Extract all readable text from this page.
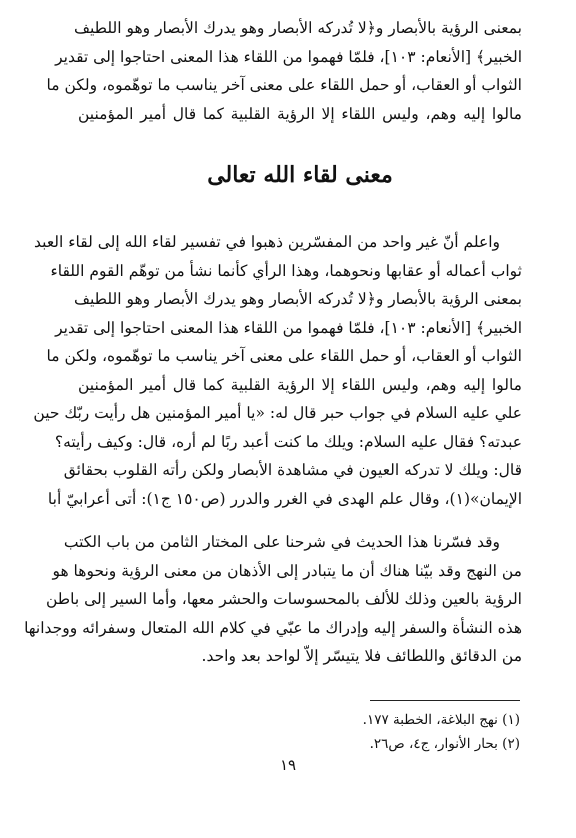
بمعنى الرؤية بالأبصار و﴿لا تُدركه الأبصار وهو يدرك الأبصار وهو اللطيف
الخبير﴾ [الأنعام: ١٠٣]، فلمّا فهموا من اللقاء هذا المعنى احتاجوا إلى تقدير
الثواب أو العقاب، أو حمل اللقاء على معنى آخر يناسب ما توهّموه، ولكن ما
مالوا إليه وهم، وليس اللقاء إلا الرؤية القلبية كما قال أمير المؤمنين
معنى لقاء الله تعالى
واعلم أنّ غير واحد من المفسّرين ذهبوا في تفسير لقاء الله إلى لقاء العبد
ثواب أعماله أو عقابها ونحوهما، وهذا الرأي كأنما نشأ من توهّم القوم اللقاء
بمعنى الرؤية بالأبصار و﴿لا تُدركه الأبصار وهو يدرك الأبصار وهو اللطيف
الخبير﴾ [الأنعام: ١٠٣]، فلمّا فهموا من اللقاء هذا المعنى احتاجوا إلى تقدير
الثواب أو العقاب، أو حمل اللقاء على معنى آخر يناسب ما توهّموه، ولكن ما
مالوا إليه وهم، وليس اللقاء إلا الرؤية القلبية كما قال أمير المؤمنين
علي عليه السلام في جواب حبر قال له: «يا أمير المؤمنين هل رأيت ربّك حين
عبدته؟ فقال عليه السلام: ويلك ما كنت أعبد ربًا لم أره، قال: وكيف رأيته؟
قال: ويلك لا تدركه العيون في مشاهدة الأبصار ولكن رأته القلوب بحقائق
الإيمان»(١)، وقال علم الهدى في الغرر والدرر (ص١٥٠ ج١): أتى أعرابيّ أبا
وقد فسّرنا هذا الحديث في شرحنا على المختار الثامن من باب الكتب
من النهج وقد بيّنا هناك أن ما يتبادر إلى الأذهان من معنى الرؤية ونحوها هو
الرؤية بالعين وذلك للألف بالمحسوسات والحشر معها، وأما السير إلى باطن
هذه النشأة والسفر إليه وإدراك ما عبّي في كلام الله المتعال وسفرائه ووجدانها
من الدقائق واللطائف فلا يتيسّر إلاّ لواحد بعد واحد.
(١) نهج البلاغة، الخطبة ١٧٧.
(٢) بحار الأنوار، ج٤، ص٢٦.
١٩
